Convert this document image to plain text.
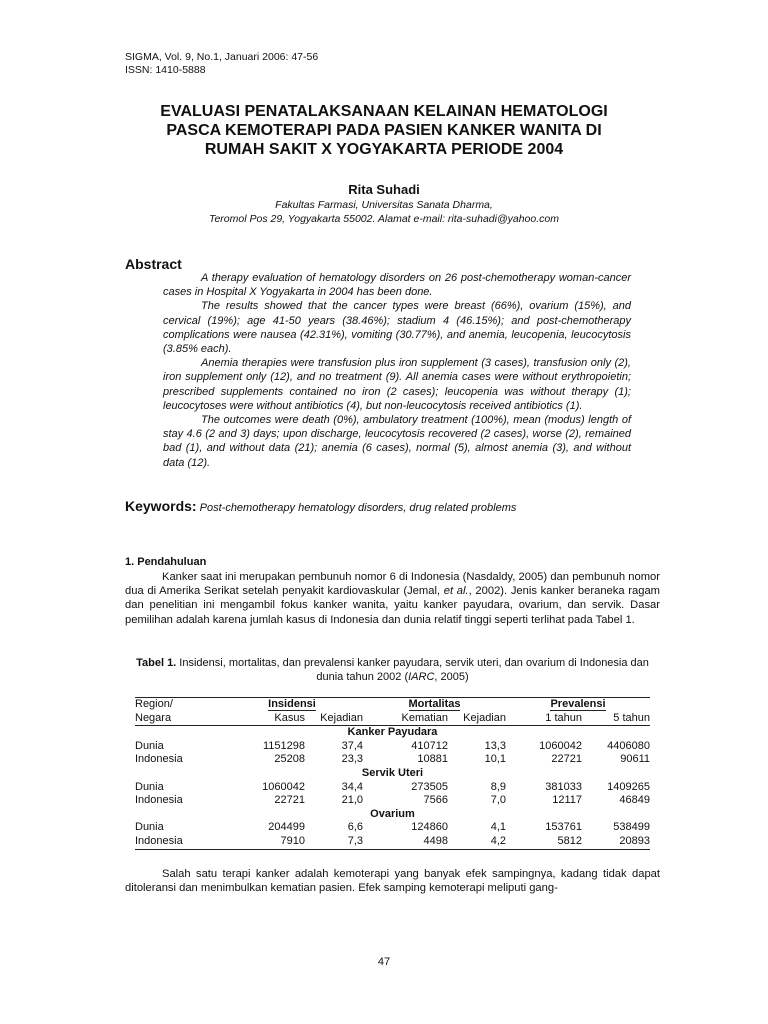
SIGMA, Vol. 9, No.1, Januari 2006: 47-56
ISSN: 1410-5888
EVALUASI PENATALAKSANAAN KELAINAN HEMATOLOGI
PASCA KEMOTERAPI PADA PASIEN KANKER WANITA DI
RUMAH SAKIT X YOGYAKARTA PERIODE 2004
Rita Suhadi
Fakultas Farmasi, Universitas Sanata Dharma,
Teromol Pos 29, Yogyakarta 55002. Alamat e-mail: rita-suhadi@yahoo.com
Abstract

A therapy evaluation of hematology disorders on 26 post-chemotherapy woman-cancer cases in Hospital X Yogyakarta in 2004 has been done.

The results showed that the cancer types were breast (66%), ovarium (15%), and cervical (19%); age 41-50 years (38.46%); stadium 4 (46.15%); and post-chemotherapy complications were nausea (42.31%), vomiting (30.77%), and anemia, leucopenia, leucocytosis (3.85% each).

Anemia therapies were transfusion plus iron supplement (3 cases), transfusion only (2), iron supplement only (12), and no treatment (9). All anemia cases were without erythropoietin; prescribed supplements contained no iron (2 cases); leucopenia was without therapy (1); leucocytoses were without antibiotics (4), but non-leucocytosis received antibiotics (1).

The outcomes were death (0%), ambulatory treatment (100%), mean (modus) length of stay 4.6 (2 and 3) days; upon discharge, leucocytosis recovered (2 cases), worse (2), remained bad (1), and without data (21); anemia (6 cases), normal (5), almost anemia (3), and without data (12).

Keywords: Post-chemotherapy hematology disorders, drug related problems
1. Pendahuluan

Kanker saat ini merupakan pembunuh nomor 6 di Indonesia (Nasdaldy, 2005) dan pembunuh nomor dua di Amerika Serikat setelah penyakit kardiovaskular (Jemal, et al., 2002). Jenis kanker beraneka ragam dan penelitian ini mengambil fokus kanker wanita, yaitu kanker payudara, ovarium, dan servik. Dasar pemilihan adalah karena jumlah kasus di Indonesia dan dunia relatif tinggi seperti terlihat pada Tabel 1.

Tabel 1. Insidensi, mortalitas, dan prevalensi kanker payudara, servik uteri, dan ovarium di Indonesia dan dunia tahun 2002 (IARC, 2005)
Region/	Insidensi		Mortalitas		Prevalensi	
Negara	Kasus	Kejadian	Kematian	Kejadian	1 tahun	5 tahun
Kanker Payudara						
Dunia	1151298	37,4	410712	13,3	1060042	4406080
Indonesia	25208	23,3	10881	10,1	22721	90611
Servik Uteri						
Dunia	1060042	34,4	273505	8,9	381033	1409265
Indonesia	22721	21,0	7566	7,0	12117	46849
Ovarium						
Dunia	204499	6,6	124860	4,1	153761	538499
Indonesia	7910	7,3	4498	4,2	5812	20893

Salah satu terapi kanker adalah kemoterapi yang banyak efek sampingnya, kadang tidak dapat ditoleransi dan menimbulkan kematian pasien. Efek samping kemoterapi meliputi gang-

47
